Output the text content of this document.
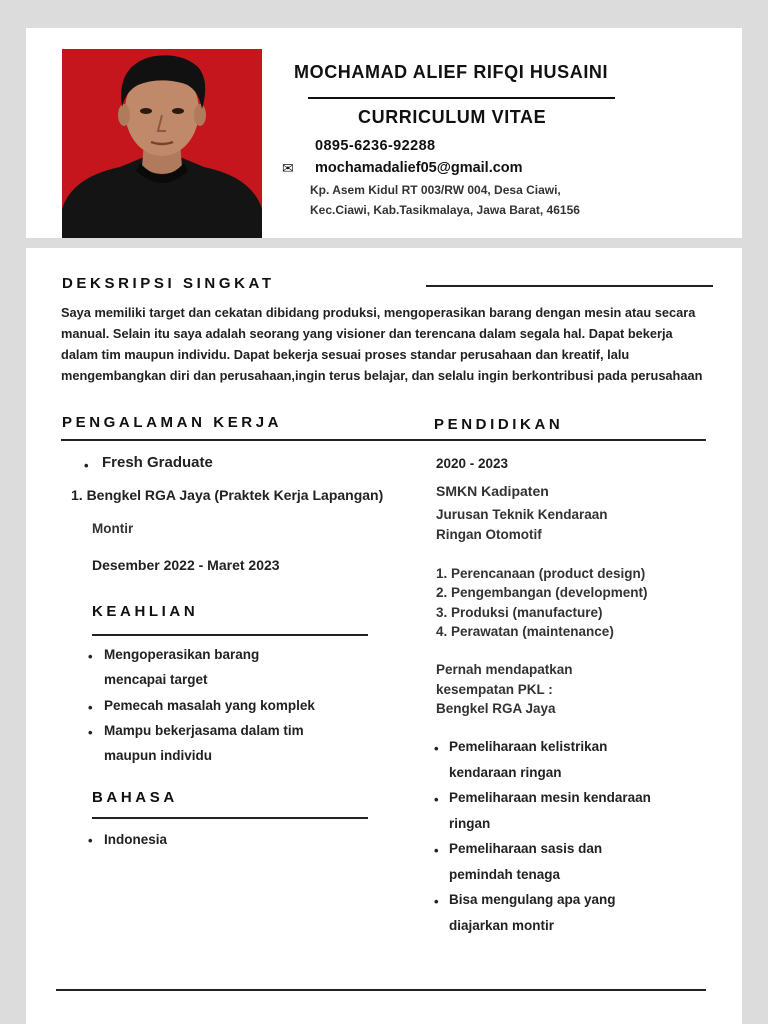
MOCHAMAD ALIEF RIFQI HUSAINI
CURRICULUM VITAE
0895-6236-92288
✉ mochamadalief05@gmail.com
Kp. Asem Kidul RT 003/RW 004, Desa Ciawi,
Kec.Ciawi, Kab.Tasikmalaya, Jawa Barat, 46156
DEKSRIPSI SINGKAT
Saya memiliki target dan cekatan dibidang produksi, mengoperasikan barang dengan mesin atau secara manual. Selain itu saya adalah seorang yang visioner dan terencana dalam segala hal. Dapat bekerja dalam tim maupun individu. Dapat bekerja sesuai proses standar perusahaan dan kreatif, lalu mengembangkan diri dan perusahaan,ingin terus belajar, dan selalu ingin berkontribusi pada perusahaan
PENGALAMAN KERJA	PENDIDIKAN
• Fresh Graduate
1. Bengkel RGA Jaya (Praktek Kerja Lapangan)
Montir
Desember 2022 - Maret 2023
KEAHLIAN
• Mengoperasikan barang
mencapai target
• Pemecah masalah yang komplek
• Mampu bekerjasama dalam tim
maupun individu
BAHASA
• Indonesia
2020 - 2023
SMKN Kadipaten
Jurusan Teknik Kendaraan
Ringan Otomotif
1. Perencanaan (product design)
2. Pengembangan (development)
3. Produksi (manufacture)
4. Perawatan (maintenance)
Pernah mendapatkan
kesempatan PKL :
Bengkel RGA Jaya
• Pemeliharaan kelistrikan
kendaraan ringan
• Pemeliharaan mesin kendaraan
ringan
• Pemeliharaan sasis dan
pemindah tenaga
• Bisa mengulang apa yang
diajarkan montir
